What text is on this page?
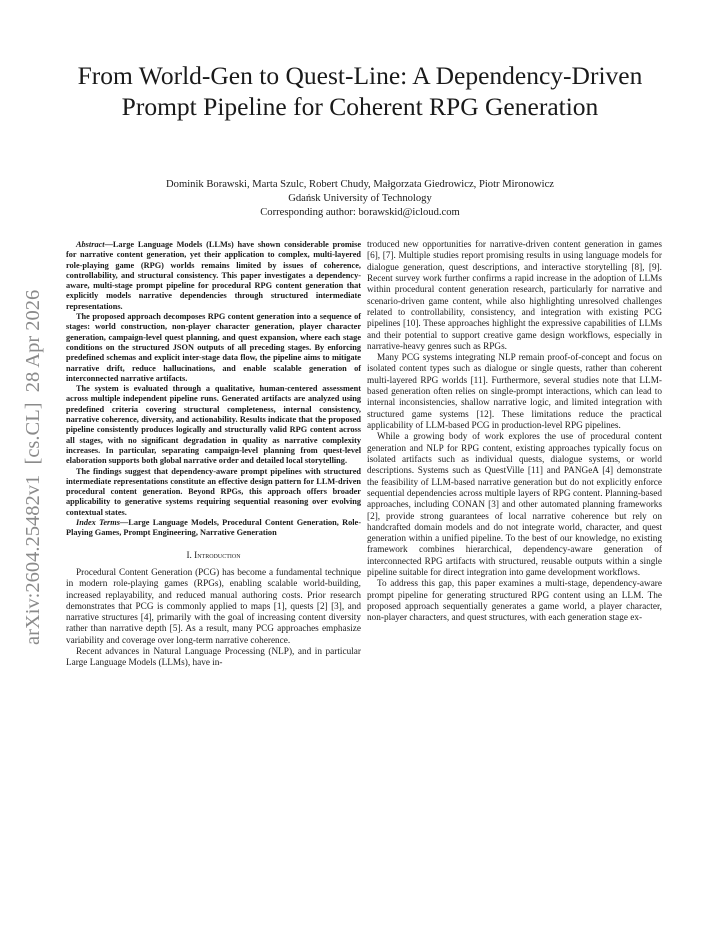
arXiv:2604.25482v1  [cs.CL]  28 Apr 2026
From World-Gen to Quest-Line: A Dependency-Driven Prompt Pipeline for Coherent RPG Generation
Dominik Borawski, Marta Szulc, Robert Chudy, Małgorzata Giedrowicz, Piotr Mironowicz
Gdańsk University of Technology
Corresponding author: borawskid@icloud.com

Abstract—Large Language Models (LLMs) have shown considerable promise for narrative content generation, yet their application to complex, multi-layered role-playing game (RPG) worlds remains limited by issues of coherence, controllability, and structural consistency. This paper investigates a dependency-aware, multi-stage prompt pipeline for procedural RPG content generation that explicitly models narrative dependencies through structured intermediate representations.

The proposed approach decomposes RPG content generation into a sequence of stages: world construction, non-player character generation, player character generation, campaign-level quest planning, and quest expansion, where each stage conditions on the structured JSON outputs of all preceding stages. By enforcing predefined schemas and explicit inter-stage data flow, the pipeline aims to mitigate narrative drift, reduce hallucinations, and enable scalable generation of interconnected narrative artifacts.

The system is evaluated through a qualitative, human-centered assessment across multiple independent pipeline runs. Generated artifacts are analyzed using predefined criteria covering structural completeness, internal consistency, narrative coherence, diversity, and actionability. Results indicate that the proposed pipeline consistently produces logically and structurally valid RPG content across all stages, with no significant degradation in quality as narrative complexity increases. In particular, separating campaign-level planning from quest-level elaboration supports both global narrative order and detailed local storytelling.

The findings suggest that dependency-aware prompt pipelines with structured intermediate representations constitute an effective design pattern for LLM-driven procedural content generation. Beyond RPGs, this approach offers broader applicability to generative systems requiring sequential reasoning over evolving contextual states.

Index Terms—Large Language Models, Procedural Content Generation, Role-Playing Games, Prompt Engineering, Narrative Generation

I. Introduction

Procedural Content Generation (PCG) has become a fundamental technique in modern role-playing games (RPGs), enabling scalable world-building, increased replayability, and reduced manual authoring costs. Prior research demonstrates that PCG is commonly applied to maps [1], quests [2] [3], and narrative structures [4], primarily with the goal of increasing content diversity rather than narrative depth [5]. As a result, many PCG approaches emphasize variability and coverage over long-term narrative coherence.

Recent advances in Natural Language Processing (NLP), and in particular Large Language Models (LLMs), have in-

troduced new opportunities for narrative-driven content generation in games [6], [7]. Multiple studies report promising results in using language models for dialogue generation, quest descriptions, and interactive storytelling [8], [9]. Recent survey work further confirms a rapid increase in the adoption of LLMs within procedural content generation research, particularly for narrative and scenario-driven game content, while also highlighting unresolved challenges related to controllability, consistency, and integration with existing PCG pipelines [10]. These approaches highlight the expressive capabilities of LLMs and their potential to support creative game design workflows, especially in narrative-heavy genres such as RPGs.

Many PCG systems integrating NLP remain proof-of-concept and focus on isolated content types such as dialogue or single quests, rather than coherent multi-layered RPG worlds [11]. Furthermore, several studies note that LLM-based generation often relies on single-prompt interactions, which can lead to internal inconsistencies, shallow narrative logic, and limited integration with structured game systems [12]. These limitations reduce the practical applicability of LLM-based PCG in production-level RPG pipelines.

While a growing body of work explores the use of procedural content generation and NLP for RPG content, existing approaches typically focus on isolated artifacts such as individual quests, dialogue systems, or world descriptions. Systems such as QuestVille [11] and PANGeA [4] demonstrate the feasibility of LLM-based narrative generation but do not explicitly enforce sequential dependencies across multiple layers of RPG content. Planning-based approaches, including CONAN [3] and other automated planning frameworks [2], provide strong guarantees of local narrative coherence but rely on handcrafted domain models and do not integrate world, character, and quest generation within a unified pipeline. To the best of our knowledge, no existing framework combines hierarchical, dependency-aware generation of interconnected RPG artifacts with structured, reusable outputs within a single pipeline suitable for direct integration into game development workflows.

To address this gap, this paper examines a multi-stage, dependency-aware prompt pipeline for generating structured RPG content using an LLM. The proposed approach sequentially generates a game world, a player character, non-player characters, and quest structures, with each generation stage ex-
